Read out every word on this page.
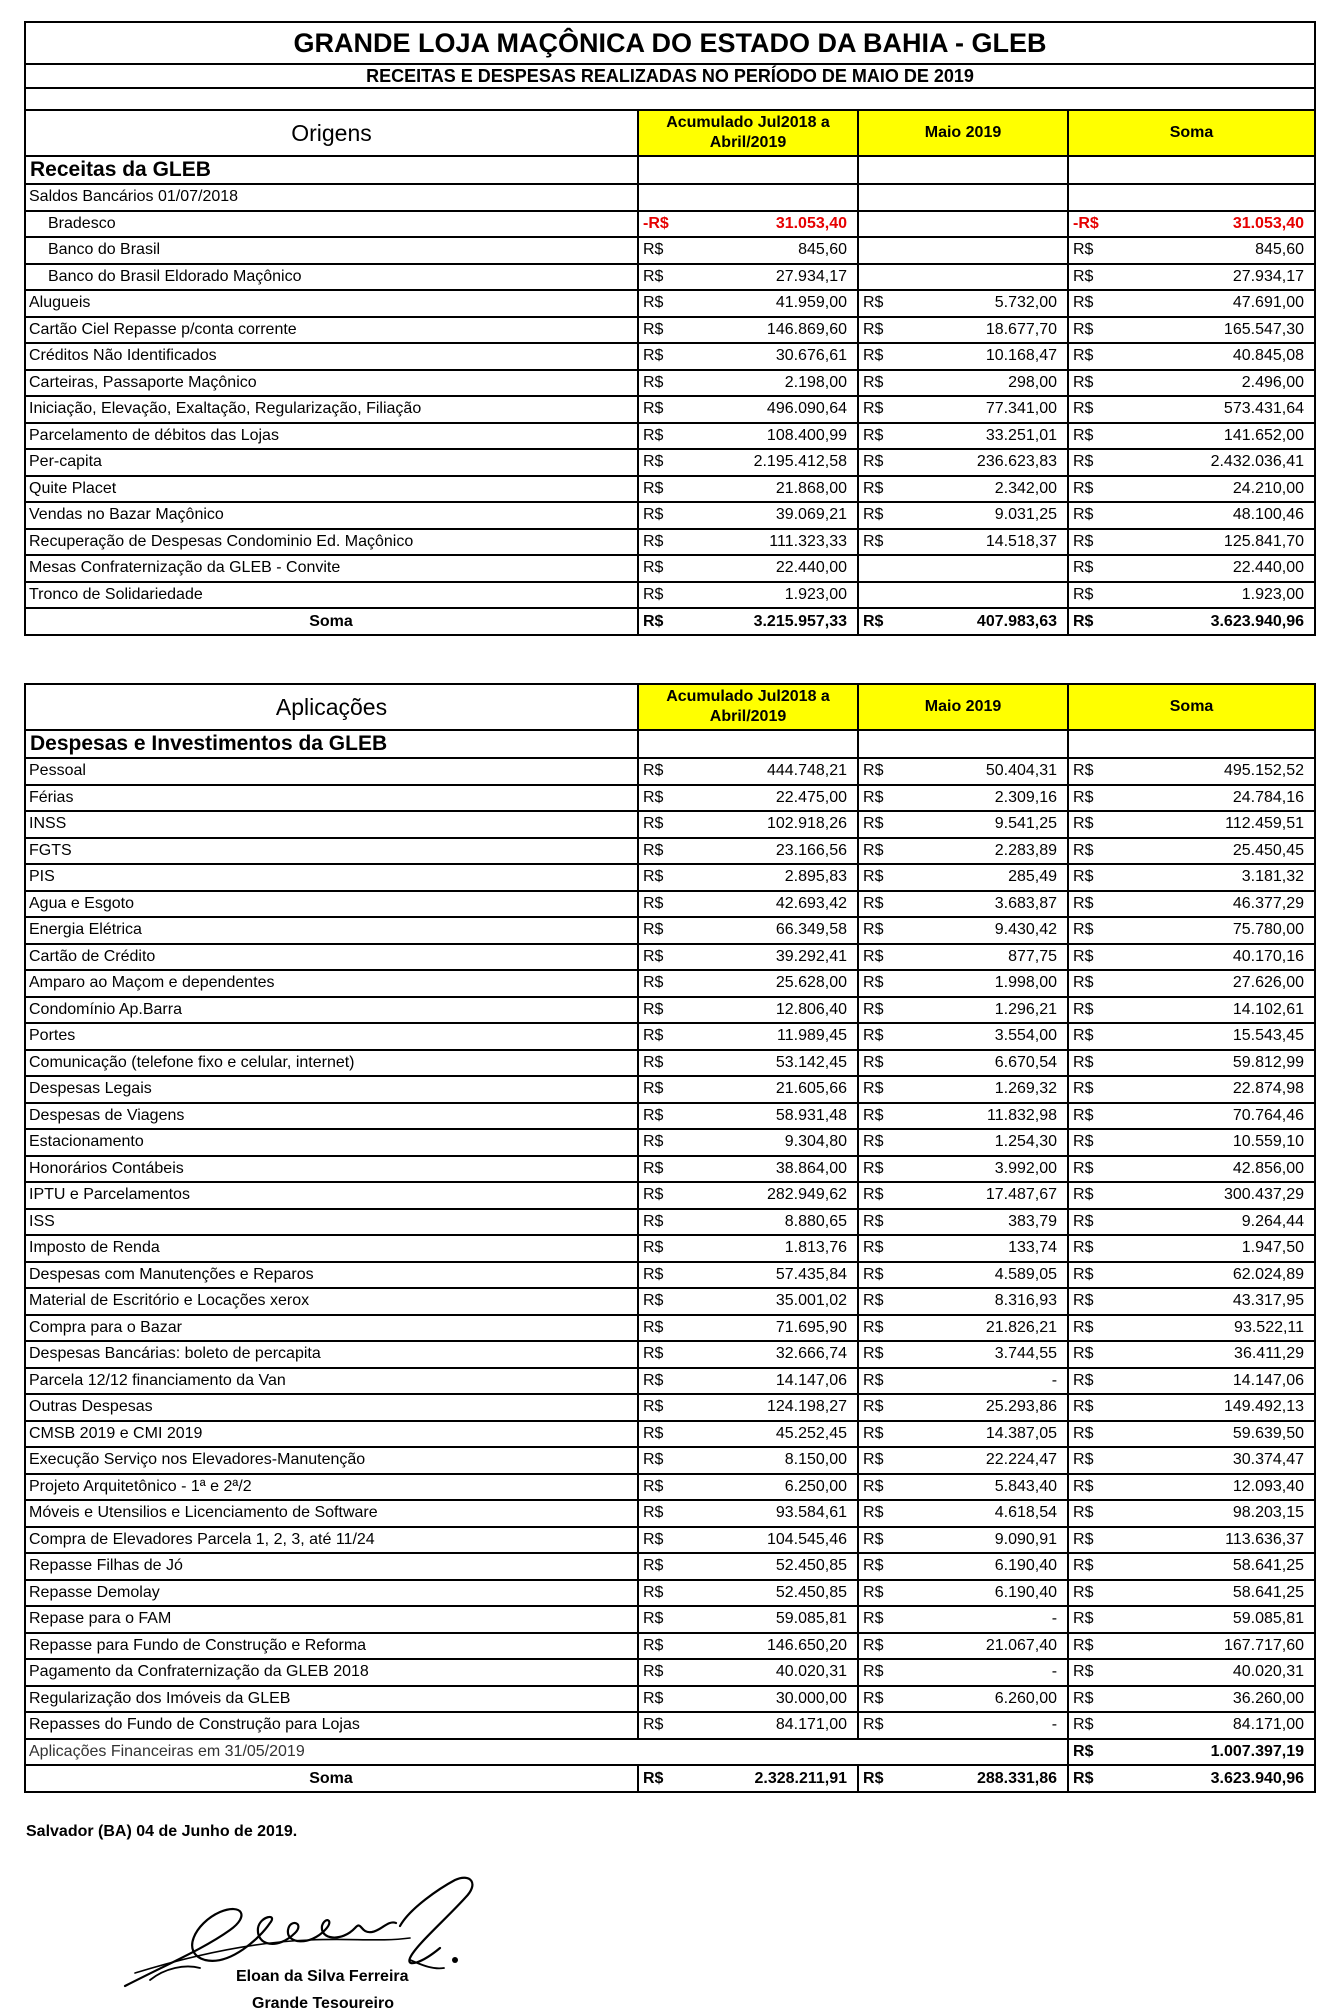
GRANDE LOJA MAÇÔNICA DO ESTADO DA BAHIA - GLEB						
RECEITAS E DESPESAS REALIZADAS NO PERÍODO DE MAIO DE 2019						

Origens	Acumulado Jul2018 a Abril/2019		Maio 2019		Soma	
Receitas da GLEB						
Saldos Bancários 01/07/2018						
Bradesco	-R$	31.053,40			-R$	31.053,40
Banco do Brasil	R$	845,60			R$	845,60
Banco do Brasil Eldorado Maçônico	R$	27.934,17			R$	27.934,17
Alugueis	R$	41.959,00	R$	5.732,00	R$	47.691,00
Cartão Ciel Repasse p/conta corrente	R$	146.869,60	R$	18.677,70	R$	165.547,30
Créditos Não Identificados	R$	30.676,61	R$	10.168,47	R$	40.845,08
Carteiras, Passaporte Maçônico	R$	2.198,00	R$	298,00	R$	2.496,00
Iniciação, Elevação, Exaltação, Regularização, Filiação	R$	496.090,64	R$	77.341,00	R$	573.431,64
Parcelamento de débitos das Lojas	R$	108.400,99	R$	33.251,01	R$	141.652,00
Per-capita	R$	2.195.412,58	R$	236.623,83	R$	2.432.036,41
Quite Placet	R$	21.868,00	R$	2.342,00	R$	24.210,00
Vendas no Bazar Maçônico	R$	39.069,21	R$	9.031,25	R$	48.100,46
Recuperação de Despesas Condominio Ed. Maçônico	R$	111.323,33	R$	14.518,37	R$	125.841,70
Mesas Confraternização da GLEB - Convite	R$	22.440,00			R$	22.440,00
Tronco de Solidariedade	R$	1.923,00			R$	1.923,00
Soma	R$	3.215.957,33	R$	407.983,63	R$	3.623.940,96
Aplicações	Acumulado Jul2018 a Abril/2019		Maio 2019		Soma	
Despesas e Investimentos da GLEB						
Pessoal	R$	444.748,21	R$	50.404,31	R$	495.152,52
Férias	R$	22.475,00	R$	2.309,16	R$	24.784,16
INSS	R$	102.918,26	R$	9.541,25	R$	112.459,51
FGTS	R$	23.166,56	R$	2.283,89	R$	25.450,45
PIS	R$	2.895,83	R$	285,49	R$	3.181,32
Agua e Esgoto	R$	42.693,42	R$	3.683,87	R$	46.377,29
Energia Elétrica	R$	66.349,58	R$	9.430,42	R$	75.780,00
Cartão de Crédito	R$	39.292,41	R$	877,75	R$	40.170,16
Amparo ao Maçom e dependentes	R$	25.628,00	R$	1.998,00	R$	27.626,00
Condomínio Ap.Barra	R$	12.806,40	R$	1.296,21	R$	14.102,61
Portes	R$	11.989,45	R$	3.554,00	R$	15.543,45
Comunicação (telefone fixo e celular, internet)	R$	53.142,45	R$	6.670,54	R$	59.812,99
Despesas Legais	R$	21.605,66	R$	1.269,32	R$	22.874,98
Despesas de Viagens	R$	58.931,48	R$	11.832,98	R$	70.764,46
Estacionamento	R$	9.304,80	R$	1.254,30	R$	10.559,10
Honorários Contábeis	R$	38.864,00	R$	3.992,00	R$	42.856,00
IPTU e Parcelamentos	R$	282.949,62	R$	17.487,67	R$	300.437,29
ISS	R$	8.880,65	R$	383,79	R$	9.264,44
Imposto de Renda	R$	1.813,76	R$	133,74	R$	1.947,50
Despesas com Manutenções e Reparos	R$	57.435,84	R$	4.589,05	R$	62.024,89
Material de Escritório e Locações xerox	R$	35.001,02	R$	8.316,93	R$	43.317,95
Compra para o Bazar	R$	71.695,90	R$	21.826,21	R$	93.522,11
Despesas Bancárias: boleto de percapita	R$	32.666,74	R$	3.744,55	R$	36.411,29
Parcela 12/12 financiamento da Van	R$	14.147,06	R$	-	R$	14.147,06
Outras Despesas	R$	124.198,27	R$	25.293,86	R$	149.492,13
CMSB 2019 e CMI 2019	R$	45.252,45	R$	14.387,05	R$	59.639,50
Execução Serviço nos Elevadores-Manutenção	R$	8.150,00	R$	22.224,47	R$	30.374,47
Projeto Arquitetônico - 1ª e 2ª/2	R$	6.250,00	R$	5.843,40	R$	12.093,40
Móveis e Utensilios e Licenciamento de Software	R$	93.584,61	R$	4.618,54	R$	98.203,15
Compra de Elevadores Parcela 1, 2, 3, até 11/24	R$	104.545,46	R$	9.090,91	R$	113.636,37
Repasse Filhas de Jó	R$	52.450,85	R$	6.190,40	R$	58.641,25
Repasse Demolay	R$	52.450,85	R$	6.190,40	R$	58.641,25
Repase para o FAM	R$	59.085,81	R$	-	R$	59.085,81
Repasse para Fundo de Construção e Reforma	R$	146.650,20	R$	21.067,40	R$	167.717,60
Pagamento da Confraternização da GLEB 2018	R$	40.020,31	R$	-	R$	40.020,31
Regularização dos Imóveis da GLEB	R$	30.000,00	R$	6.260,00	R$	36.260,00
Repasses do Fundo de Construção para Lojas	R$	84.171,00	R$	-	R$	84.171,00
Aplicações Financeiras em 31/05/2019					R$	1.007.397,19
Soma	R$	2.328.211,91	R$	288.331,86	R$	3.623.940,96
Salvador (BA) 04 de Junho de 2019.
Eloan da Silva Ferreira
Grande Tesoureiro
